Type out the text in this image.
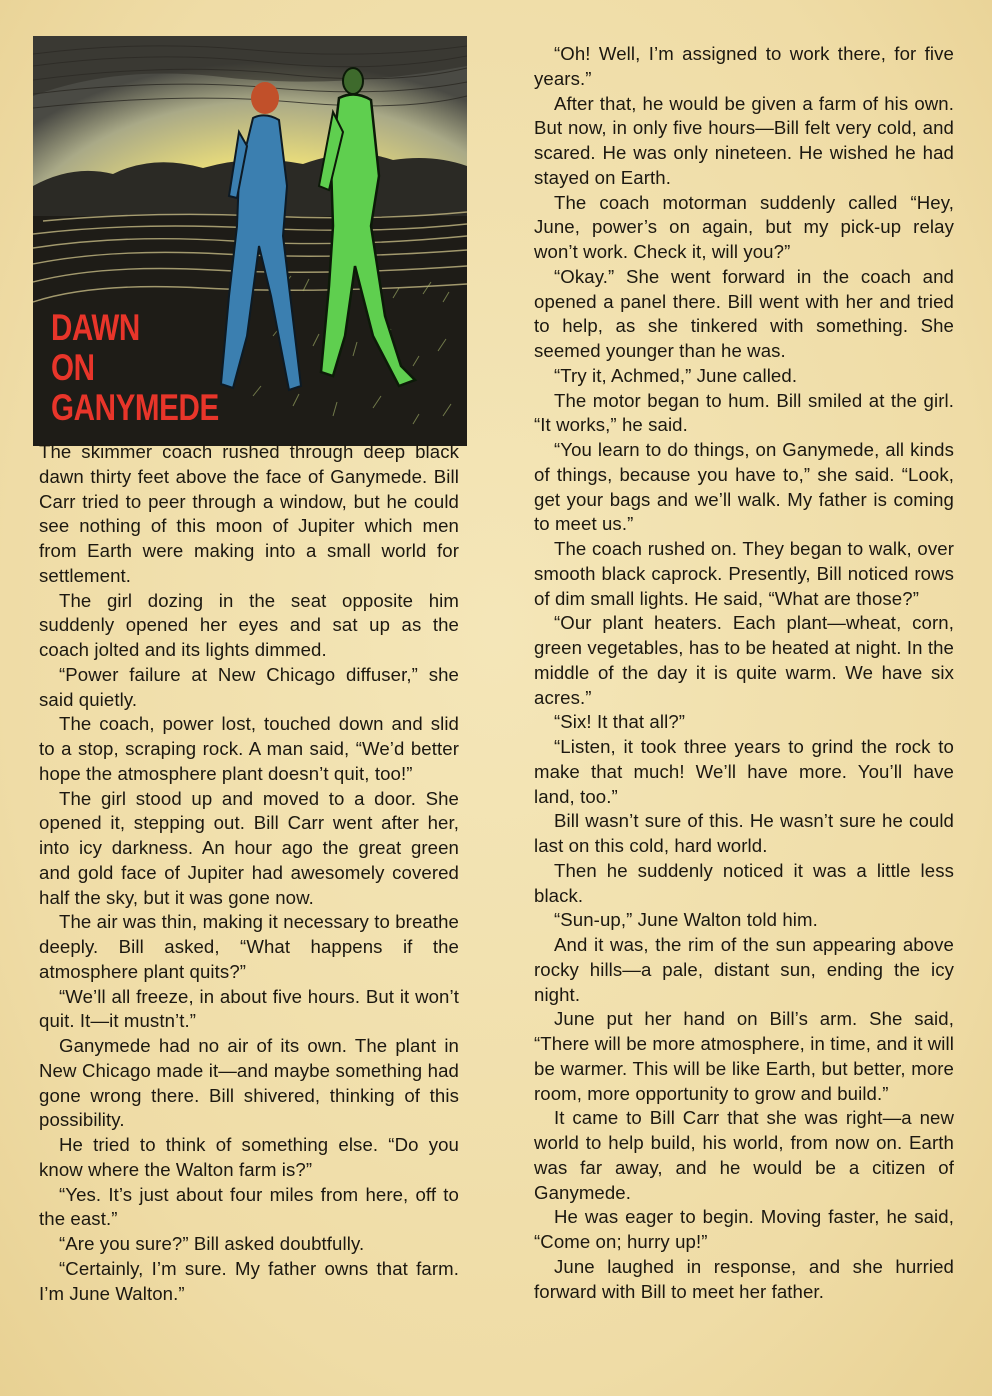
DAWN
ON
GANYMEDE

The skimmer coach rushed through deep black dawn thirty feet above the face of Ganymede. Bill Carr tried to peer through a window, but he could see nothing of this moon of Jupiter which men from Earth were making into a small world for settlement.

The girl dozing in the seat opposite him suddenly opened her eyes and sat up as the coach jolted and its lights dimmed.

“Power failure at New Chicago diffuser,” she said quietly.

The coach, power lost, touched down and slid to a stop, scraping rock. A man said, “We’d better hope the atmosphere plant doesn’t quit, too!”

The girl stood up and moved to a door. She opened it, stepping out. Bill Carr went after her, into icy darkness. An hour ago the great green and gold face of Jupiter had awesomely covered half the sky, but it was gone now.

The air was thin, making it necessary to breathe deeply. Bill asked, “What happens if the atmosphere plant quits?”

“We’ll all freeze, in about five hours. But it won’t quit. It—it mustn’t.”

Ganymede had no air of its own. The plant in New Chicago made it—and maybe something had gone wrong there. Bill shivered, thinking of this possibility.

He tried to think of something else. “Do you know where the Walton farm is?”

“Yes. It’s just about four miles from here, off to the east.”

“Are you sure?” Bill asked doubtfully.

“Certainly, I’m sure. My father owns that farm. I’m June Walton.”

“Oh! Well, I’m assigned to work there, for five years.”

After that, he would be given a farm of his own. But now, in only five hours—Bill felt very cold, and scared. He was only nineteen. He wished he had stayed on Earth.

The coach motorman suddenly called “Hey, June, power’s on again, but my pick-up relay won’t work. Check it, will you?”

“Okay.” She went forward in the coach and opened a panel there. Bill went with her and tried to help, as she tinkered with something. She seemed younger than he was.

“Try it, Achmed,” June called.

The motor began to hum. Bill smiled at the girl. “It works,” he said.

“You learn to do things, on Ganymede, all kinds of things, because you have to,” she said. “Look, get your bags and we’ll walk. My father is coming to meet us.”

The coach rushed on. They began to walk, over smooth black caprock. Presently, Bill noticed rows of dim small lights. He said, “What are those?”

“Our plant heaters. Each plant—wheat, corn, green vegetables, has to be heated at night. In the middle of the day it is quite warm. We have six acres.”

“Six! It that all?”

“Listen, it took three years to grind the rock to make that much! We’ll have more. You’ll have land, too.”

Bill wasn’t sure of this. He wasn’t sure he could last on this cold, hard world.

Then he suddenly noticed it was a little less black.

“Sun-up,” June Walton told him.

And it was, the rim of the sun appearing above rocky hills—a pale, distant sun, ending the icy night.

June put her hand on Bill’s arm. She said, “There will be more atmosphere, in time, and it will be warmer. This will be like Earth, but better, more room, more opportunity to grow and build.”

It came to Bill Carr that she was right—a new world to help build, his world, from now on. Earth was far away, and he would be a citizen of Ganymede.

He was eager to begin. Moving faster, he said, “Come on; hurry up!”

June laughed in response, and she hurried forward with Bill to meet her father.
